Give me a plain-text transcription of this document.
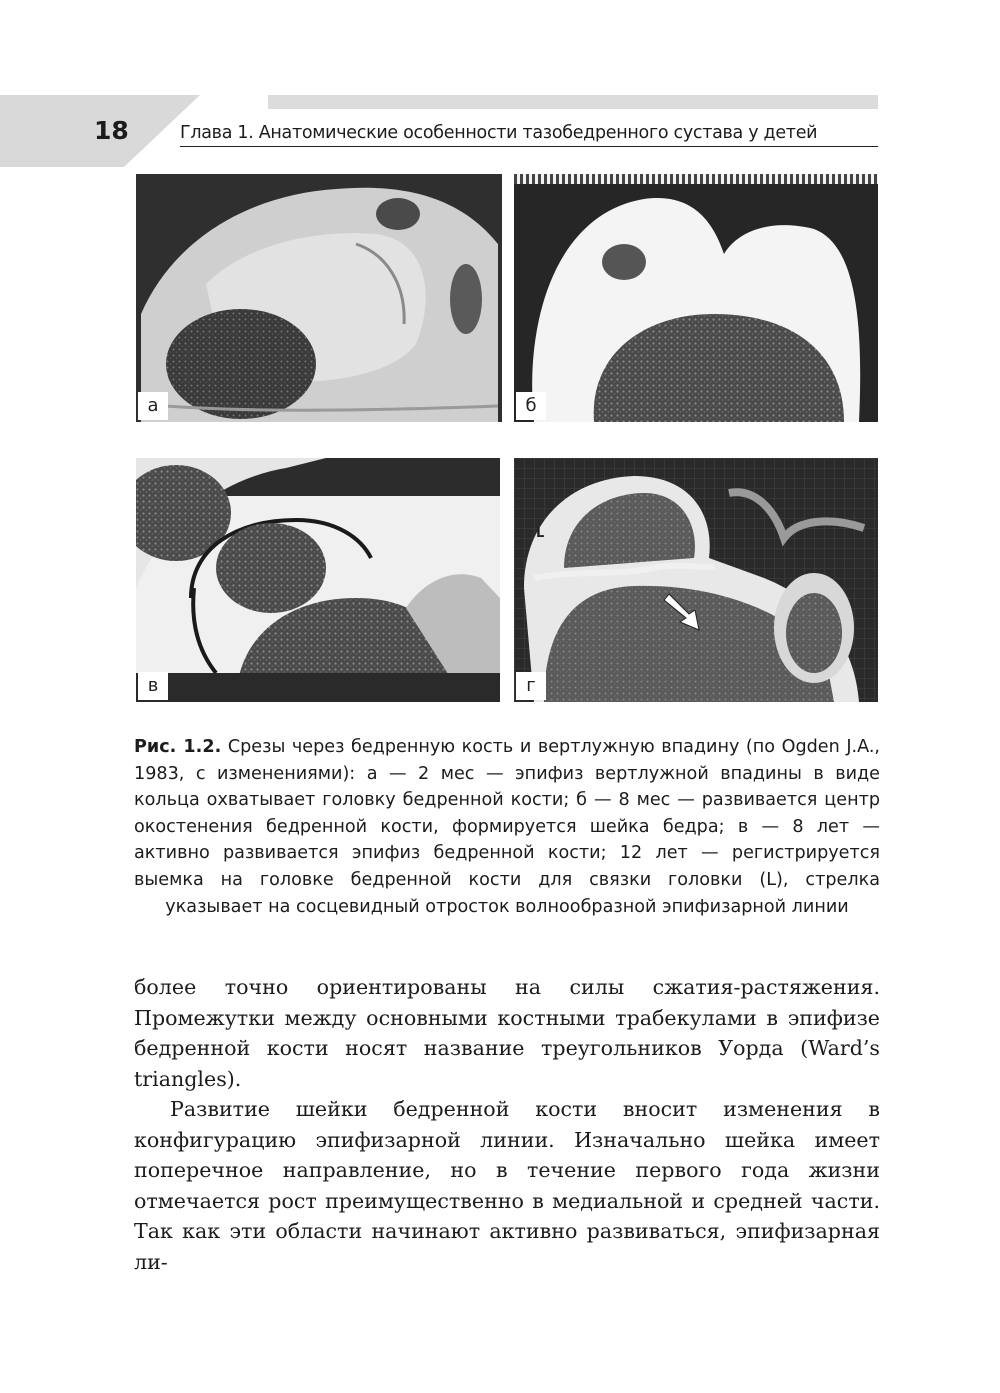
18	Глава 1. Анатомические особенности тазобедренного сустава у детей
а	б
в
L
г
Рис. 1.2. Срезы через бедренную кость и вертлужную впадину (по Ogden J.A., 1983, с изменениями): а — 2 мес — эпифиз вертлужной впадины в виде кольца охватывает головку бедренной кости; б — 8 мес — развивается центр окостенения бедренной кости, формируется шейка бедра; в — 8 лет — активно развивается эпифиз бедренной кости; 12 лет — регистрируется выемка на головке бедренной кости для связки головки (L), стрелка указывает на сосцевидный отросток волнообразной эпифизарной линии

более точно ориентированы на силы сжатия-растяжения. Промежутки между основными костными трабекулами в эпифизе бедренной кости носят название треугольников Уорда (Ward’s triangles).

Развитие шейки бедренной кости вносит изменения в конфигурацию эпифизарной линии. Изначально шейка имеет поперечное направление, но в течение первого года жизни отмечается рост преимущественно в медиальной и средней части. Так как эти области начинают активно развиваться, эпифизарная ли-
